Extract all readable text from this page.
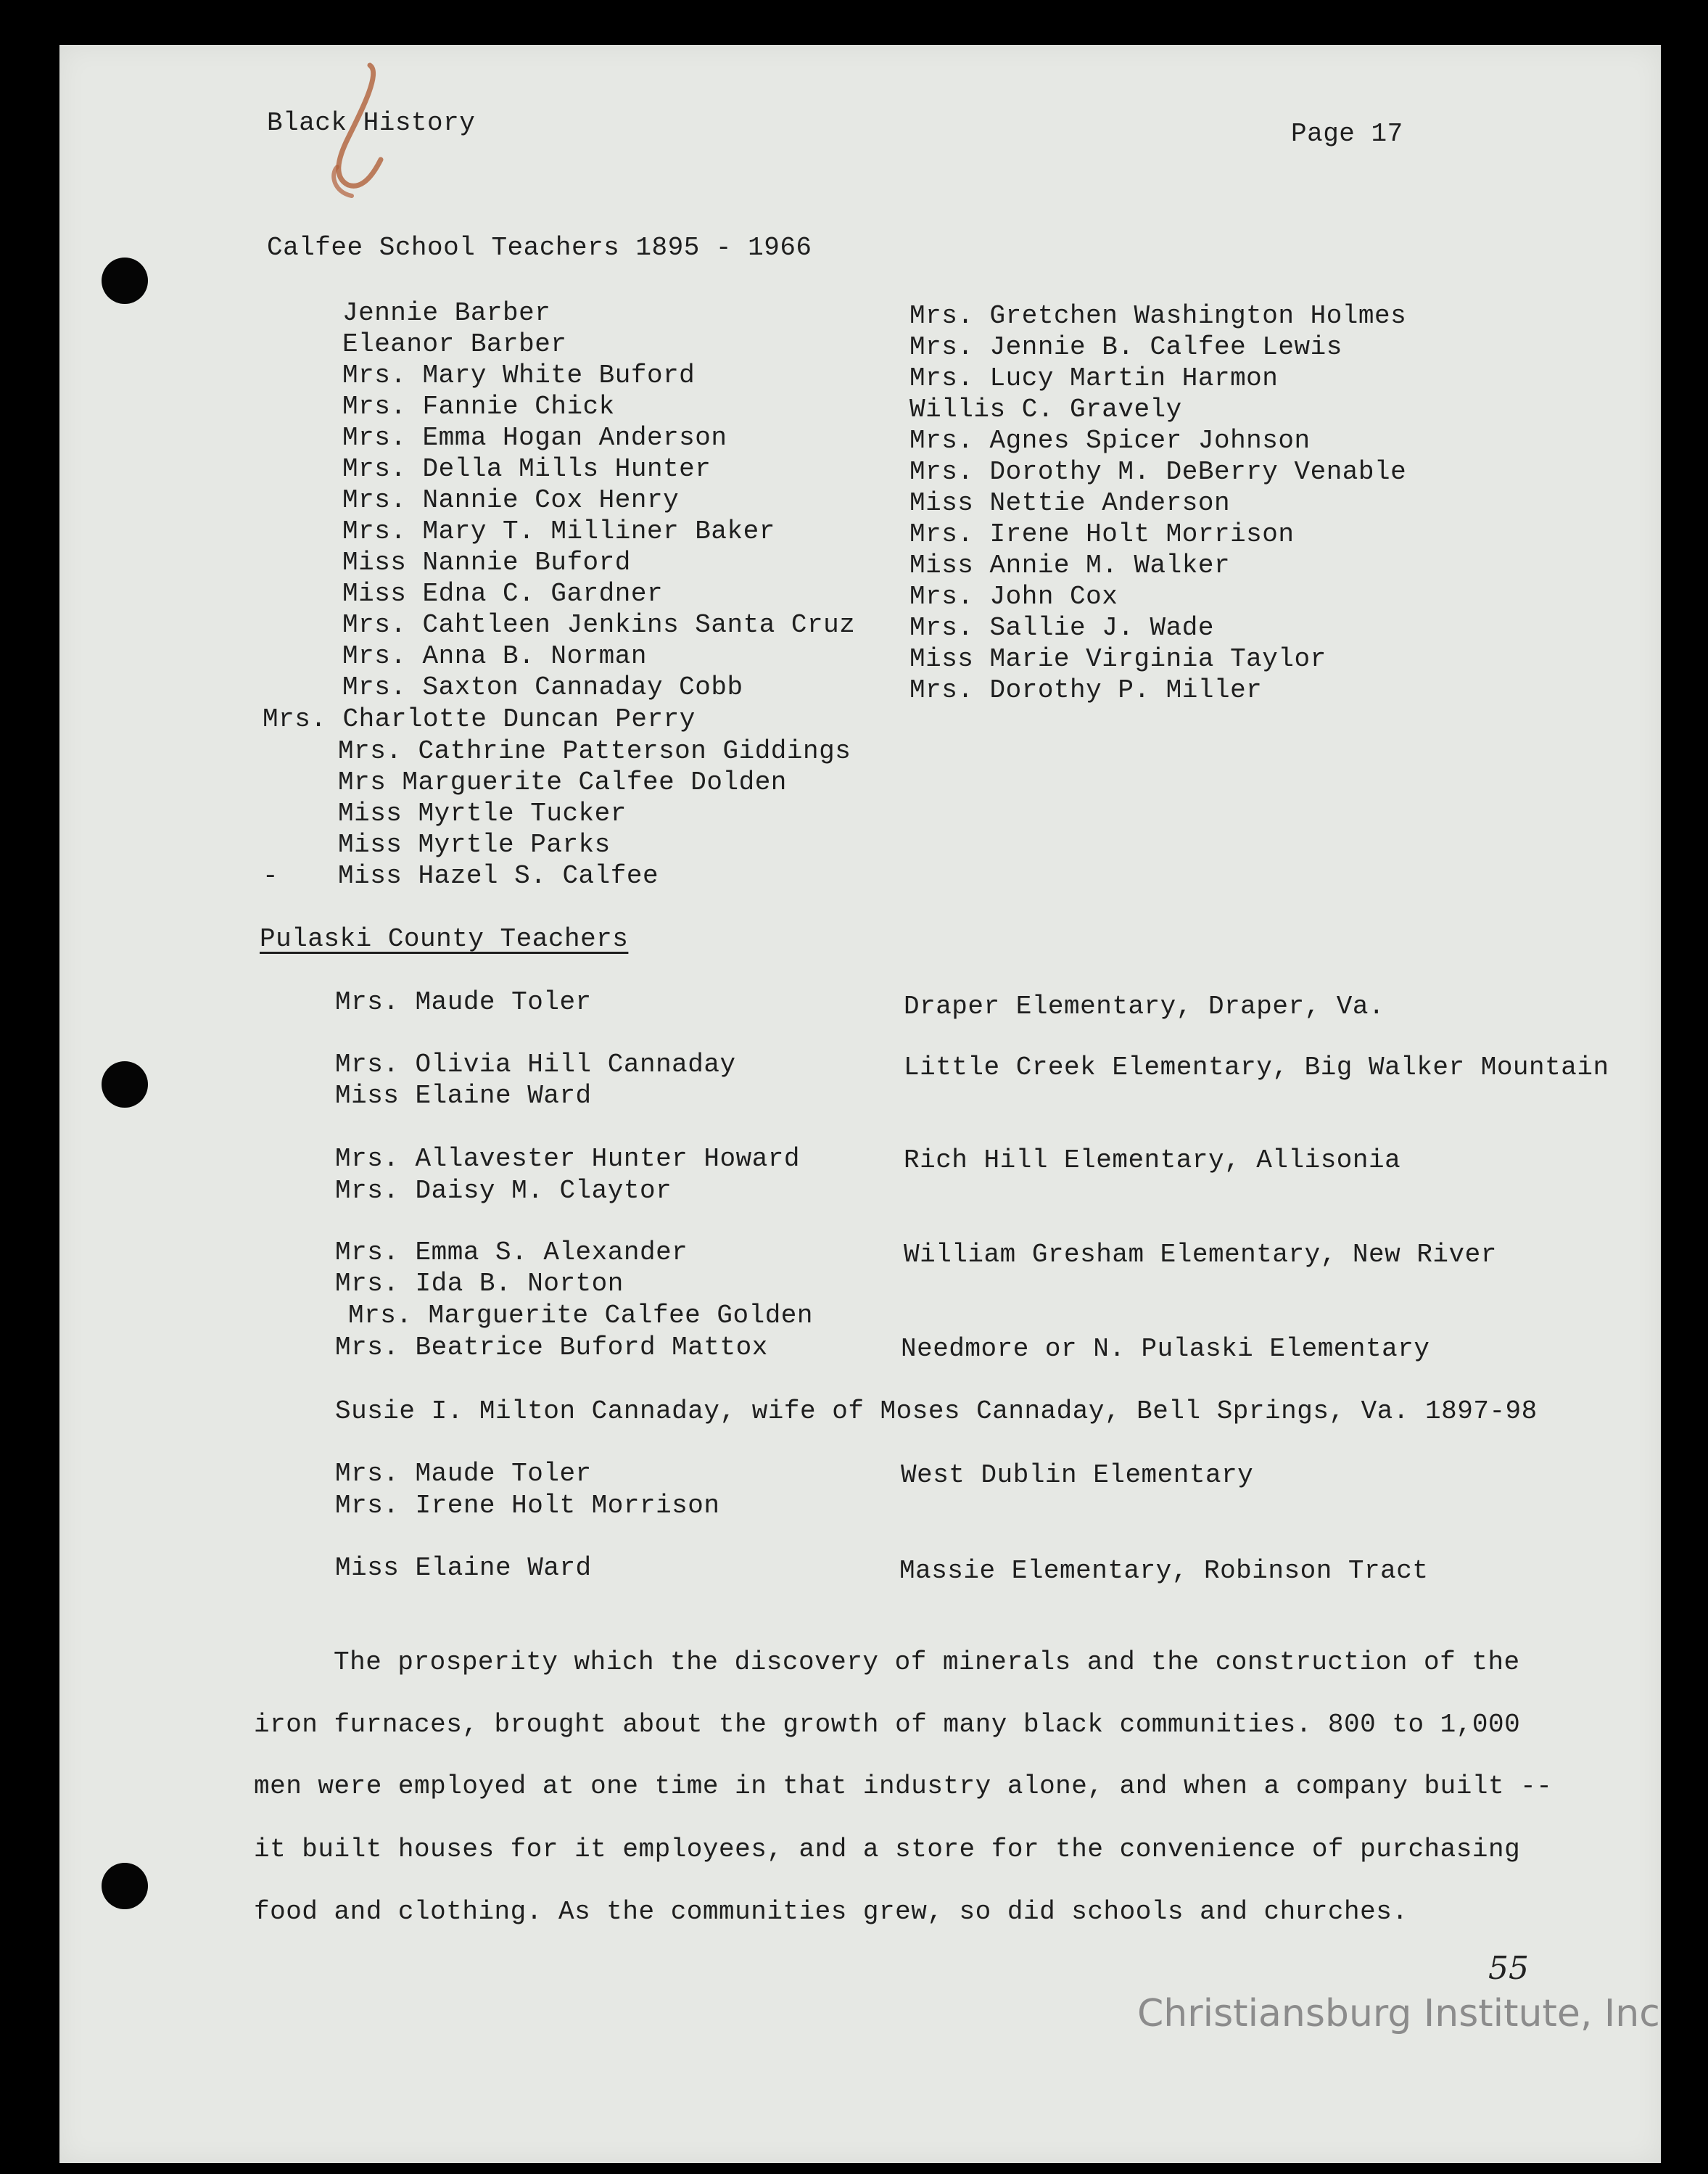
Black History	Page 17
Calfee School Teachers 1895 - 1966
Jennie Barber
Eleanor Barber
Mrs. Mary White Buford
Mrs. Fannie Chick
Mrs. Emma Hogan Anderson
Mrs. Della Mills Hunter
Mrs. Nannie Cox Henry
Mrs. Mary T. Milliner Baker
Miss Nannie Buford
Miss Edna C. Gardner
Mrs. Cahtleen Jenkins Santa Cruz
Mrs. Anna B. Norman
Mrs. Saxton Cannaday Cobb
Mrs. Charlotte Duncan Perry
Mrs. Cathrine Patterson Giddings
Mrs Marguerite Calfee Dolden
Miss Myrtle Tucker
Miss Myrtle Parks
- Miss Hazel S. Calfee
Mrs. Gretchen Washington Holmes
Mrs. Jennie B. Calfee Lewis
Mrs. Lucy Martin Harmon
Willis C. Gravely
Mrs. Agnes Spicer Johnson
Mrs. Dorothy M. DeBerry Venable
Miss Nettie Anderson
Mrs. Irene Holt Morrison
Miss Annie M. Walker
Mrs. John Cox
Mrs. Sallie J. Wade
Miss Marie Virginia Taylor
Mrs. Dorothy P. Miller
Pulaski County Teachers
Mrs. Maude Toler	Draper Elementary, Draper, Va.
Mrs. Olivia Hill Cannaday	Little Creek Elementary, Big Walker Mountain
Miss Elaine Ward
Mrs. Allavester Hunter Howard	Rich Hill Elementary, Allisonia
Mrs. Daisy M. Claytor
Mrs. Emma S. Alexander	William Gresham Elementary, New River
Mrs. Ida B. Norton
Mrs. Marguerite Calfee Golden
Mrs. Beatrice Buford Mattox	Needmore or N. Pulaski Elementary
Susie I. Milton Cannaday, wife of Moses Cannaday, Bell Springs, Va. 1897-98
Mrs. Maude Toler	West Dublin Elementary
Mrs. Irene Holt Morrison
Miss Elaine Ward	Massie Elementary, Robinson Tract
The prosperity which the discovery of minerals and the construction of the
iron furnaces, brought about the growth of many black communities. 800 to 1,000
men were employed at one time in that industry alone, and when a company built --
it built houses for it employees, and a store for the convenience of purchasing
food and clothing. As the communities grew, so did schools and churches.
55
Christiansburg Institute, Inc
